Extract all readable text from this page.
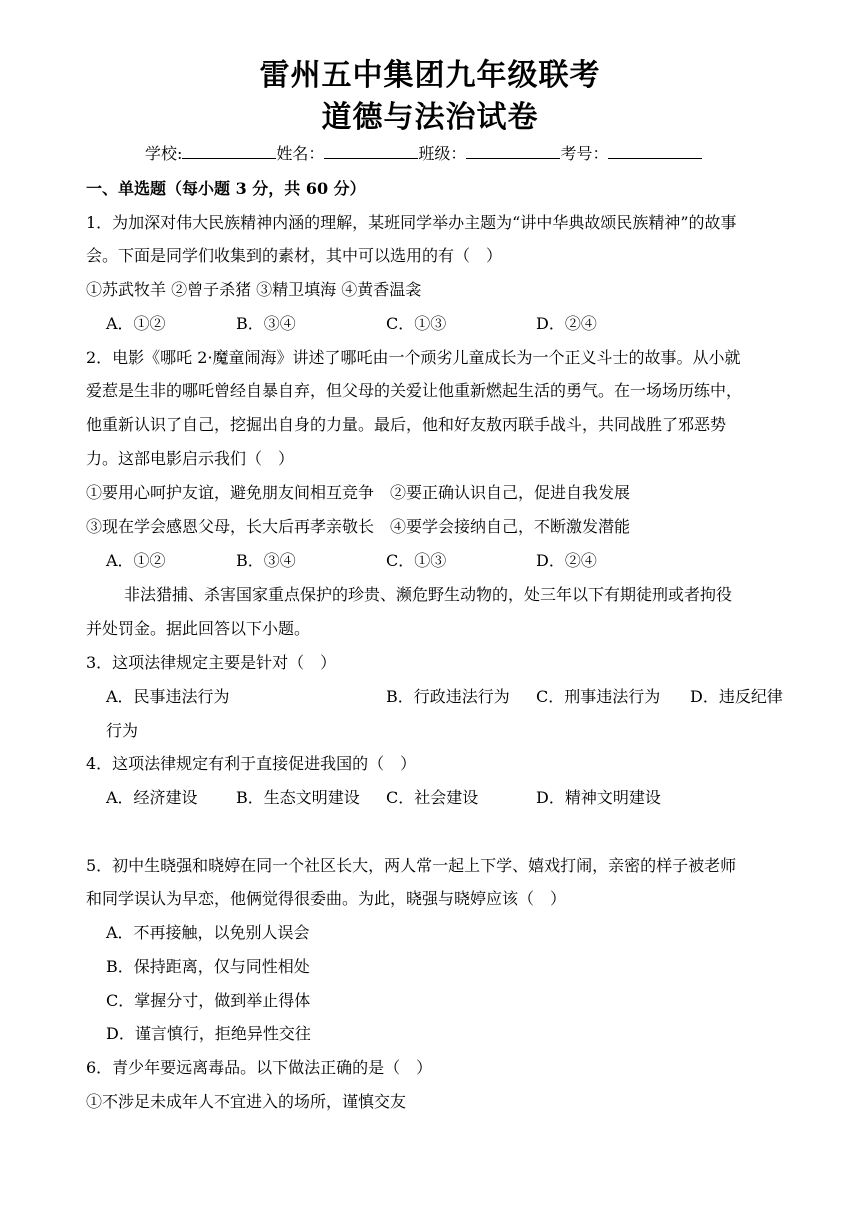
雷州五中集团九年级联考
道德与法治试卷
学校:	姓名：	班级：	考号：
一、单选题（每小题 3 分，共 60 分）
1．为加深对伟大民族精神内涵的理解，某班同学举办主题为“讲中华典故颂民族精神”的故事
会。下面是同学们收集到的素材，其中可以选用的有（　）
①苏武牧羊 ②曾子杀猪 ③精卫填海 ④黄香温衾
A．①②	B．③④	C．①③	D．②④
2．电影《哪吒 2·魔童闹海》讲述了哪吒由一个顽劣儿童成长为一个正义斗士的故事。从小就
爱惹是生非的哪吒曾经自暴自弃，但父母的关爱让他重新燃起生活的勇气。在一场场历练中，
他重新认识了自己，挖掘出自身的力量。最后，他和好友敖丙联手战斗，共同战胜了邪恶势
力。这部电影启示我们（　）
①要用心呵护友谊，避免朋友间相互竞争　②要正确认识自己，促进自我发展
③现在学会感恩父母，长大后再孝亲敬长　④要学会接纳自己，不断激发潜能
A．①②	B．③④	C．①③	D．②④
非法猎捕、杀害国家重点保护的珍贵、濒危野生动物的，处三年以下有期徒刑或者拘役
并处罚金。据此回答以下小题。
3．这项法律规定主要是针对（　）
A．民事违法行为	B．行政违法行为 C．刑事违法行为 D．违反纪律
行为
4．这项法律规定有利于直接促进我国的（　）
A．经济建设 B．生态文明建设 C．社会建设	D．精神文明建设
5．初中生晓强和晓婷在同一个社区长大，两人常一起上下学、嬉戏打闹，亲密的样子被老师
和同学误认为早恋，他俩觉得很委曲。为此，晓强与晓婷应该（　）
A．不再接触，以免别人误会
B．保持距离，仅与同性相处
C．掌握分寸，做到举止得体
D．谨言慎行，拒绝异性交往
6．青少年要远离毒品。以下做法正确的是（　）
①不涉足未成年人不宜进入的场所，谨慎交友
